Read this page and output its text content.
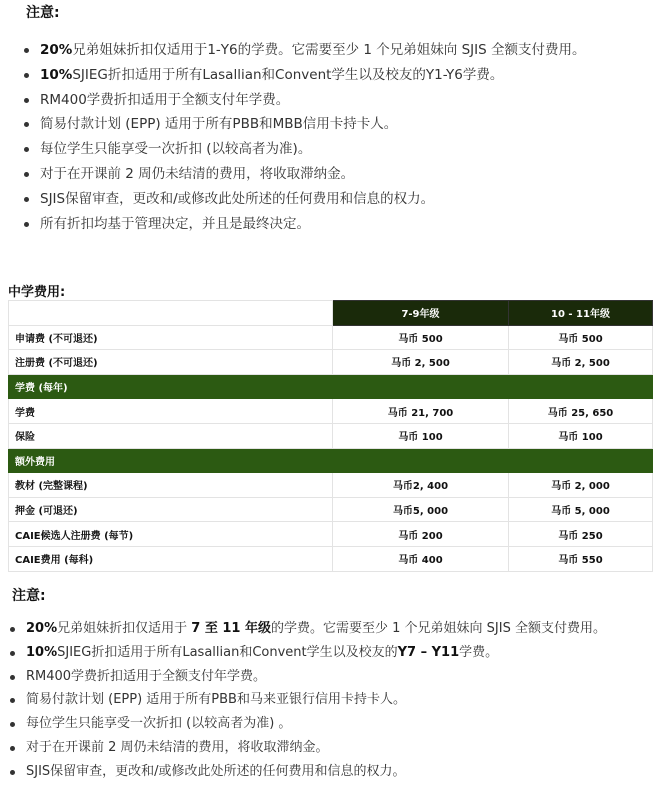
注意:
20%兄弟姐妹折扣仅适用于1-Y6的学费。它需要至少 1 个兄弟姐妹向 SJIS 全额支付费用。
10%SJIEG折扣适用于所有Lasallian和Convent学生以及校友的Y1-Y6学费。
RM400学费折扣适用于全额支付年学费。
简易付款计划 (EPP) 适用于所有PBB和MBB信用卡持卡人。
每位学生只能享受一次折扣 (以较高者为准)。
对于在开课前 2 周仍未结清的费用，将收取滞纳金。
SJIS保留审查，更改和/或修改此处所述的任何费用和信息的权力。
所有折扣均基于管理决定，并且是最终决定。
中学费用:
	7-9年级	10 - 11年级
申请费 (不可退还)	马币 500	马币 500
注册费 (不可退还)	马币 2, 500	马币 2, 500
学费 (每年)		
学费	马币 21, 700	马币 25, 650
保险	马币 100	马币 100
额外费用		
教材 (完整课程)	马币2, 400	马币 2, 000
押金 (可退还)	马币5, 000	马币 5, 000
CAIE候选人注册费 (每节)	马币 200	马币 250
CAIE费用 (每科)	马币 400	马币 550
注意:
20%兄弟姐妹折扣仅适用于 7 至 11 年级的学费。它需要至少 1 个兄弟姐妹向 SJIS 全额支付费用。
10%SJIEG折扣适用于所有Lasallian和Convent学生以及校友的Y7 – Y11学费。
RM400学费折扣适用于全额支付年学费。
简易付款计划 (EPP) 适用于所有PBB和马来亚银行信用卡持卡人。
每位学生只能享受一次折扣 (以较高者为准) 。
对于在开课前 2 周仍未结清的费用，将收取滞纳金。
SJIS保留审查，更改和/或修改此处所述的任何费用和信息的权力。
